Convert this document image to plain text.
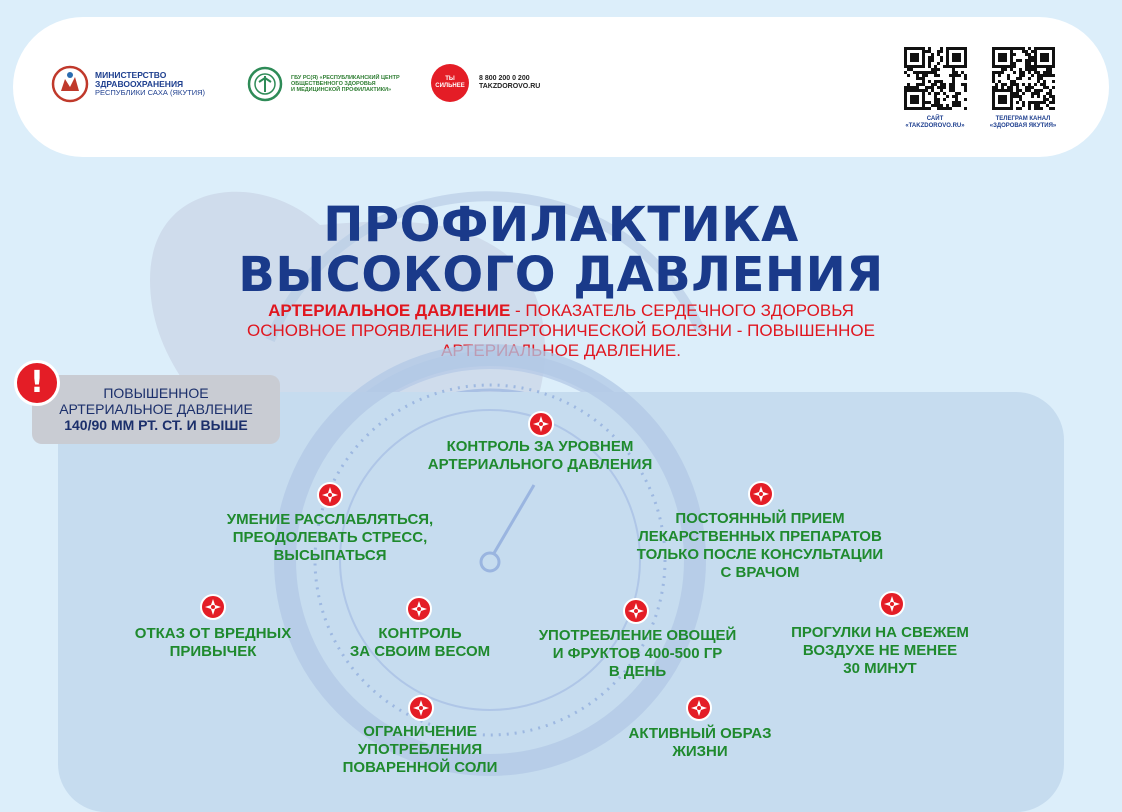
МИНИСТЕРСТВО
ЗДРАВООХРАНЕНИЯ
РЕСПУБЛИКИ САХА (ЯКУТИЯ)
ГБУ РС(Я) «РЕСПУБЛИКАНСКИЙ ЦЕНТР
ОБЩЕСТВЕННОГО ЗДОРОВЬЯ
И МЕДИЦИНСКОЙ ПРОФИЛАКТИКИ»
ТЫ
СИЛЬНЕЕ
8 800 200 0 200
TAKZDOROVO.RU
САЙТ
«TAKZDOROVO.RU»
ТЕЛЕГРАМ КАНАЛ
«ЗДОРОВАЯ ЯКУТИЯ»
ПРОФИЛАКТИКА
ВЫСОКОГО ДАВЛЕНИЯ
АРТЕРИАЛЬНОЕ ДАВЛЕНИЕ - ПОКАЗАТЕЛЬ СЕРДЕЧНОГО ЗДОРОВЬЯ
ОСНОВНОЕ ПРОЯВЛЕНИЕ ГИПЕРТОНИЧЕСКОЙ БОЛЕЗНИ - ПОВЫШЕННОЕ
АРТЕРИАЛЬНОЕ ДАВЛЕНИЕ.
ПОВЫШЕННОЕ
АРТЕРИАЛЬНОЕ ДАВЛЕНИЕ
140/90 ММ РТ. СТ. И ВЫШЕ
!
КОНТРОЛЬ ЗА УРОВНЕМ
АРТЕРИАЛЬНОГО ДАВЛЕНИЯ
УМЕНИЕ РАССЛАБЛЯТЬСЯ,
ПРЕОДОЛЕВАТЬ СТРЕСС,
ВЫСЫПАТЬСЯ
ПОСТОЯННЫЙ ПРИЕМ
ЛЕКАРСТВЕННЫХ ПРЕПАРАТОВ
ТОЛЬКО ПОСЛЕ КОНСУЛЬТАЦИИ
С ВРАЧОМ
ОТКАЗ ОТ ВРЕДНЫХ
ПРИВЫЧЕК
КОНТРОЛЬ
ЗА СВОИМ ВЕСОМ
УПОТРЕБЛЕНИЕ ОВОЩЕЙ
И ФРУКТОВ 400-500 ГР
В ДЕНЬ
ПРОГУЛКИ НА СВЕЖЕМ
ВОЗДУХЕ НЕ МЕНЕЕ
30 МИНУТ
ОГРАНИЧЕНИЕ
УПОТРЕБЛЕНИЯ
ПОВАРЕННОЙ СОЛИ
АКТИВНЫЙ ОБРАЗ
ЖИЗНИ
